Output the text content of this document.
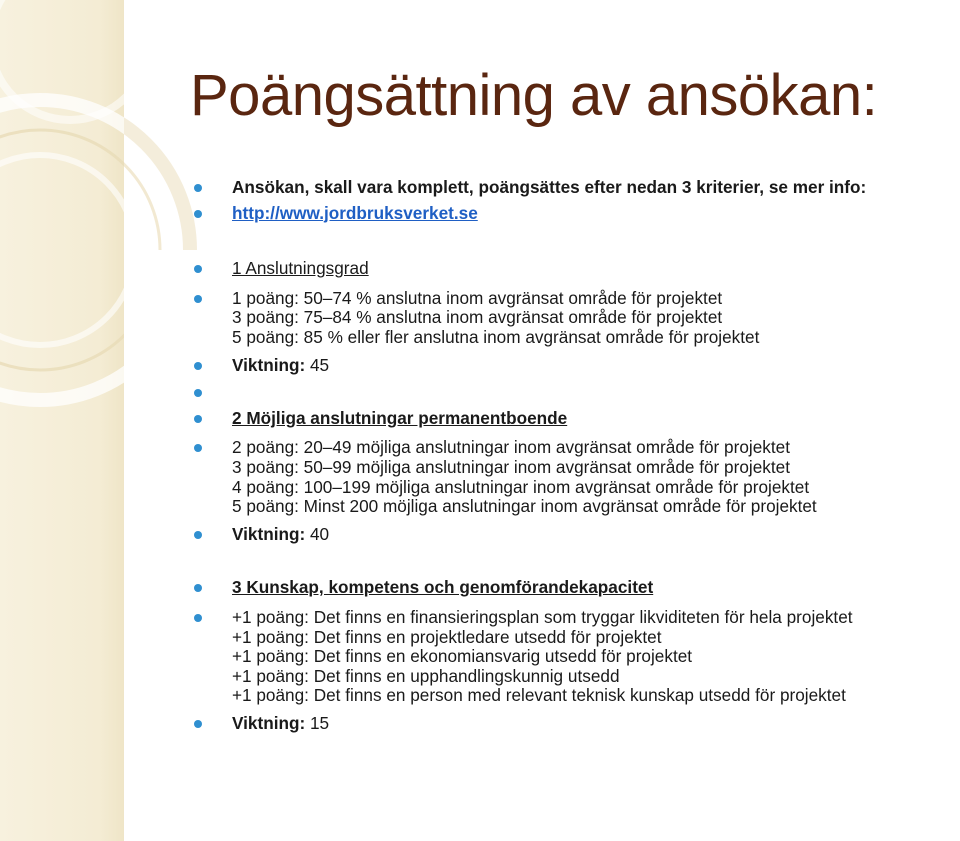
Poängsättning av ansökan:
Ansökan, skall vara komplett, poängsättes efter nedan 3 kriterier, se mer info:
http://www.jordbruksverket.se
1 Anslutningsgrad
1 poäng: 50–74 % anslutna inom avgränsat område för projektet
3 poäng: 75–84 % anslutna inom avgränsat område för projektet
5 poäng: 85 % eller fler anslutna inom avgränsat område för projektet
Viktning: 45

2 Möjliga anslutningar permanentboende
2 poäng: 20–49 möjliga anslutningar inom avgränsat område för projektet
3 poäng: 50–99 möjliga anslutningar inom avgränsat område för projektet
4 poäng: 100–199 möjliga anslutningar inom avgränsat område för projektet
5 poäng: Minst 200 möjliga anslutningar inom avgränsat område för projektet
Viktning: 40
3 Kunskap, kompetens och genomförandekapacitet
+1 poäng: Det finns en finansieringsplan som tryggar likviditeten för hela projektet
+1 poäng: Det finns en projektledare utsedd för projektet
+1 poäng: Det finns en ekonomiansvarig utsedd för projektet
+1 poäng: Det finns en upphandlingskunnig utsedd
+1 poäng: Det finns en person med relevant teknisk kunskap utsedd för projektet
Viktning: 15
